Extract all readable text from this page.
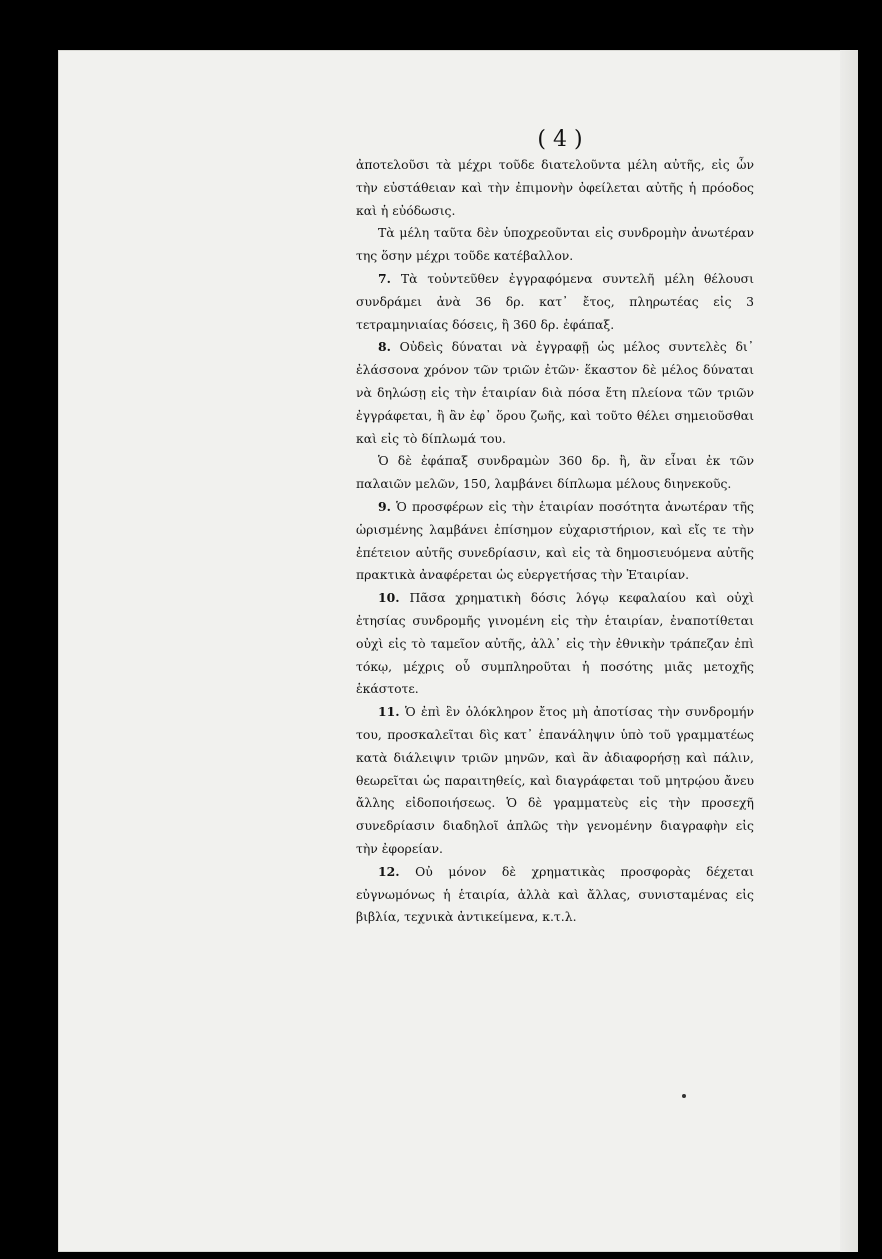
( 4 )

ἀποτελοῦσι τὰ μέχρι τοῦδε διατελοῦντα μέλη αὐτῆς, εἰς ὧν τὴν εὐστάθειαν καὶ τὴν ἐπιμονὴν ὀφείλεται αὐτῆς ἡ πρόοδος καὶ ἡ εὐόδωσις.

Τὰ μέλη ταῦτα δὲν ὑποχρεοῦνται εἰς συνδρομὴν ἀνωτέραν της ὅσην μέχρι τοῦδε κατέβαλλον.

7. Τὰ τοὐντεῦθεν ἐγγραφόμενα συντελῆ μέλη θέλουσι συνδράμει ἀνὰ 36 δρ. κατ᾽ ἔτος, πληρωτέας εἰς 3 τετραμηνιαίας δόσεις, ἢ 360 δρ. ἐφάπαξ.

8. Οὐδεὶς δύναται νὰ ἐγγραφῇ ὡς μέλος συντελὲς δι᾽ ἐλάσσονα χρόνον τῶν τριῶν ἐτῶν· ἕκαστον δὲ μέλος δύναται νὰ δηλώσῃ εἰς τὴν ἑταιρίαν διὰ πόσα ἔτη πλείονα τῶν τριῶν ἐγγράφεται, ἢ ἂν ἐφ᾽ ὅρου ζωῆς, καὶ τοῦτο θέλει σημειοῦσθαι καὶ εἰς τὸ δίπλωμά του.

Ὁ δὲ ἐφάπαξ συνδραμὼν 360 δρ. ἢ, ἂν εἶναι ἐκ τῶν παλαιῶν μελῶν, 150, λαμβάνει δίπλωμα μέλους διηνεκοῦς.

9. Ὁ προσφέρων εἰς τὴν ἑταιρίαν ποσότητα ἀνωτέραν τῆς ὡρισμένης λαμβάνει ἐπίσημον εὐχαριστήριον, καὶ εἴς τε τὴν ἐπέτειον αὐτῆς συνεδρίασιν, καὶ εἰς τὰ δημοσιευόμενα αὐτῆς πρακτικὰ ἀναφέρεται ὡς εὐεργετήσας τὴν Ἑταιρίαν.

10. Πᾶσα χρηματικὴ δόσις λόγῳ κεφαλαίου καὶ οὐχὶ ἐτησίας συνδρομῆς γινομένη εἰς τὴν ἑταιρίαν, ἐναποτίθεται οὐχὶ εἰς τὸ ταμεῖον αὐτῆς, ἀλλ᾽ εἰς τὴν ἐθνικὴν τράπεζαν ἐπὶ τόκῳ, μέχρις οὗ συμπληροῦται ἡ ποσότης μιᾶς μετοχῆς ἑκάστοτε.

11. Ὁ ἐπὶ ἓν ὁλόκληρον ἔτος μὴ ἀποτίσας τὴν συνδρομήν του, προσκαλεῖται δὶς κατ᾽ ἐπανάληψιν ὑπὸ τοῦ γραμματέως κατὰ διάλειψιν τριῶν μηνῶν, καὶ ἂν ἀδιαφορήσῃ καὶ πάλιν, θεωρεῖται ὡς παραιτηθείς, καὶ διαγράφεται τοῦ μητρῴου ἄνευ ἄλλης εἰδοποιήσεως. Ὁ δὲ γραμματεὺς εἰς τὴν προσεχῆ συνεδρίασιν διαδηλοῖ ἁπλῶς τὴν γενομένην διαγραφὴν εἰς τὴν ἐφορείαν.

12. Οὐ μόνον δὲ χρηματικὰς προσφορὰς δέχεται εὐγνωμόνως ἡ ἑταιρία, ἀλλὰ καὶ ἄλλας, συνισταμένας εἰς βιβλία, τεχνικὰ ἀντικείμενα, κ.τ.λ.
